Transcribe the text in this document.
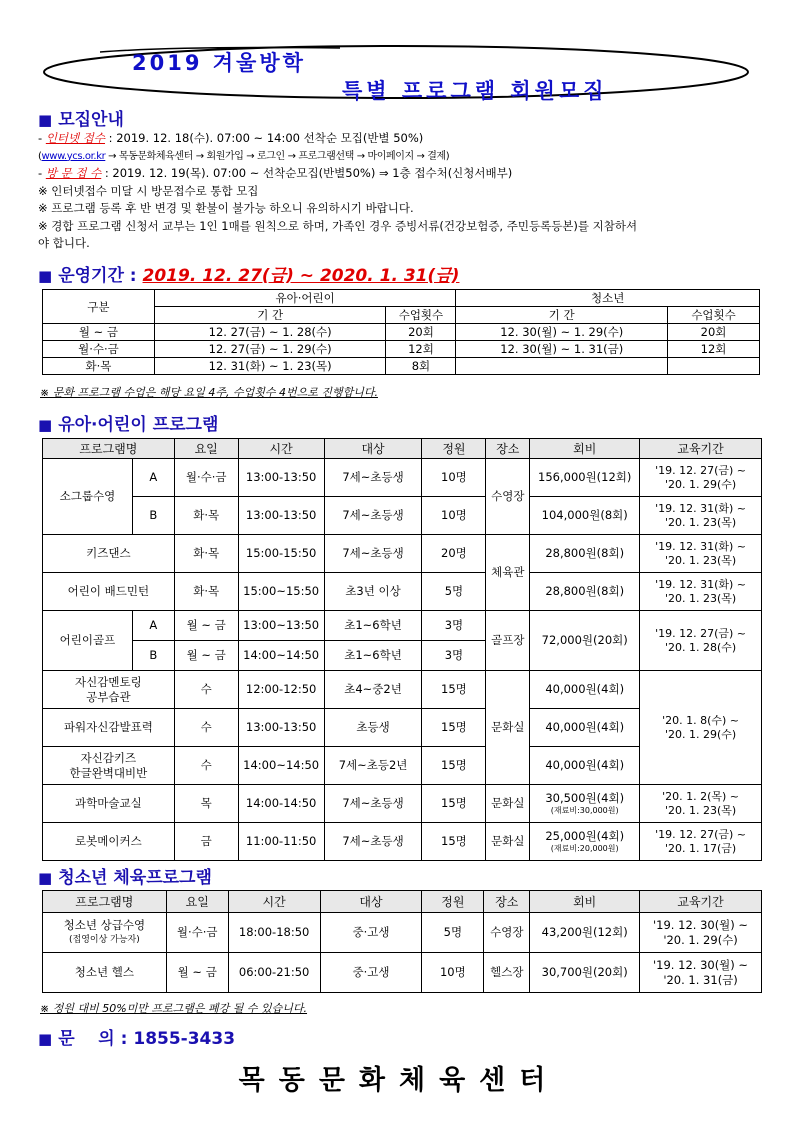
2019 겨울방학
특별 프로그램 회원모집
■ 모집안내
- 인터넷 접수 : 2019. 12. 18(수). 07:00 ~ 14:00 선착순 모집(반별 50%)
(www.ycs.or.kr → 목동문화체육센터 → 회원가입 → 로그인 → 프로그램선택 → 마이페이지 → 결제)
- 방 문 접 수 : 2019. 12. 19(목). 07:00 ~ 선착순모집(반별50%) ⇒ 1층 접수처(신청서배부)
※ 인터넷접수 미달 시 방문접수로 통합 모집
※ 프로그램 등록 후 반 변경 및 환불이 불가능 하오니 유의하시기 바랍니다.
※ 경합 프로그램 신청서 교부는 1인 1매를 원칙으로 하며, 가족인 경우 증빙서류(건강보험증, 주민등록등본)를 지참하셔
야 합니다.
■ 운영기간 : 2019. 12. 27(금) ~ 2020. 1. 31(금)
구분	유아·어린이		청소년	
	기 간	수업횟수	기 간	수업횟수
월 ~ 금	12. 27(금) ~ 1. 28(수)	20회	12. 30(월) ~ 1. 29(수)	20회
월·수·금	12. 27(금) ~ 1. 29(수)	12회	12. 30(월) ~ 1. 31(금)	12회
화·목	12. 31(화) ~ 1. 23(목)	8회		
※ 문화 프로그램 수업은 해당 요일 4주, 수업횟수 4번으로 진행합니다.
■ 유아·어린이 프로그램
프로그램명		요일	시간	대상	정원	장소	회비	교육기간
소그룹수영	A	월·수·금	13:00-13:50	7세~초등생	10명	수영장	156,000원(12회)	'19. 12. 27(금) ~
'20. 1. 29(수)
	B	화·목	13:00-13:50	7세~초등생	10명		104,000원(8회)	'19. 12. 31(화) ~
'20. 1. 23(목)
키즈댄스		화·목	15:00-15:50	7세~초등생	20명	체육관	28,800원(8회)	'19. 12. 31(화) ~
'20. 1. 23(목)
어린이 배드민턴		화·목	15:00~15:50	초3년 이상	5명		28,800원(8회)	'19. 12. 31(화) ~
'20. 1. 23(목)
어린이골프	A	월 ~ 금	13:00~13:50	초1~6학년	3명	골프장	72,000원(20회)	'19. 12. 27(금) ~
'20. 1. 28(수)
	B	월 ~ 금	14:00~14:50	초1~6학년	3명			
자신감멘토링
공부습관		수	12:00-12:50	초4~중2년	15명	문화실	40,000원(4회)	'20. 1. 8(수) ~
'20. 1. 29(수)
파워자신감발표력		수	13:00-13:50	초등생	15명		40,000원(4회)	
자신감키즈
한글완벽대비반		수	14:00~14:50	7세~초등2년	15명		40,000원(4회)	
과학마술교실		목	14:00-14:50	7세~초등생	15명	문화실	30,500원(4회)
(재료비:30,000원)	'20. 1. 2(목) ~
'20. 1. 23(목)
로봇메이커스		금	11:00-11:50	7세~초등생	15명	문화실	25,000원(4회)
(재료비:20,000원)	'19. 12. 27(금) ~
'20. 1. 17(금)
■ 청소년 체육프로그램
프로그램명	요일	시간	대상	정원	장소	회비	교육기간
청소년 상급수영
(접영이상 가능자)	월·수·금	18:00-18:50	중·고생	5명	수영장	43,200원(12회)	'19. 12. 30(월) ~
'20. 1. 29(수)
청소년 헬스	월 ~ 금	06:00-21:50	중·고생	10명	헬스장	30,700원(20회)	'19. 12. 30(월) ~
'20. 1. 31(금)
※ 정원 대비 50%미만 프로그램은 폐강 될 수 있습니다.
■ 문    의 : 1855-3433
목동문화체육센터
